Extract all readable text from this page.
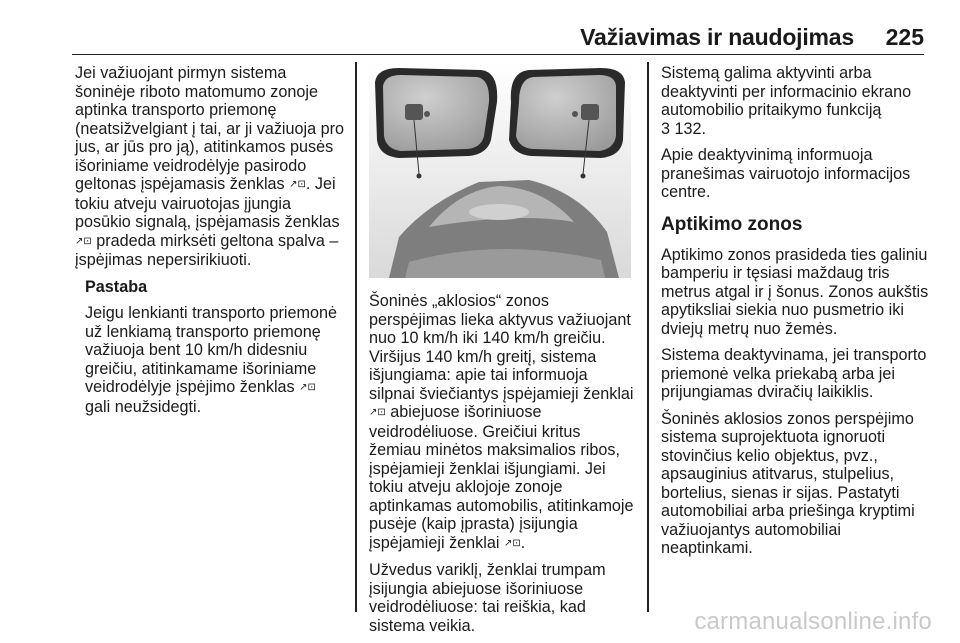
Važiavimas ir naudojimas 225

Jei važiuojant pirmyn sistema šoninėje riboto matomumo zonoje aptinka transporto priemonę (neatsižvelgiant į tai, ar ji važiuoja pro jus, ar jūs pro ją), atitinkamos pusės išoriniame veidrodėlyje pasirodo geltonas įspėjamasis ženklas ↗⊡. Jei tokiu atveju vairuotojas įjungia posūkio signalą, įspėjamasis ženklas ↗⊡ pradeda mirksėti geltona spalva – įspėjimas nepersirikiuoti.

Pastaba

Jeigu lenkianti transporto priemonė už lenkiamą transporto priemonę važiuoja bent 10 km/h didesniu greičiu, atitinkamame išoriniame veidrodėlyje įspėjimo ženklas ↗⊡ gali neužsidegti.

Šoninės „aklosios“ zonos perspėjimas lieka aktyvus važiuojant nuo 10 km/h iki 140 km/h greičiu. Viršijus 140 km/h greitį, sistema išjungiama: apie tai informuoja silpnai šviečiantys įspėjamieji ženklai ↗⊡ abiejuose išoriniuose veidrodėliuose. Greičiui kritus žemiau minėtos maksimalios ribos, įspėjamieji ženklai išjungiami. Jei tokiu atveju aklojoje zonoje aptinkamas automobilis, atitinkamoje pusėje (kaip įprasta) įsijungia įspėjamieji ženklai ↗⊡.

Užvedus variklį, ženklai trumpam įsijungia abiejuose išoriniuose veidrodėliuose: tai reiškia, kad sistema veikia.

Sistemą galima aktyvinti arba deaktyvinti per informacinio ekrano automobilio pritaikymo funkciją
3 132.

Apie deaktyvinimą informuoja pranešimas vairuotojo informacijos centre.

Aptikimo zonos

Aptikimo zonos prasideda ties galiniu bamperiu ir tęsiasi maždaug tris metrus atgal ir į šonus. Zonos aukštis apytiksliai siekia nuo pusmetrio iki dviejų metrų nuo žemės.

Sistema deaktyvinama, jei transporto priemonė velka priekabą arba jei prijungiamas dviračių laikiklis.

Šoninės aklosios zonos perspėjimo sistema suprojektuota ignoruoti stovinčius kelio objektus, pvz., apsauginius atitvarus, stulpelius, bortelius, sienas ir sijas. Pastatyti automobiliai arba priešinga kryptimi važiuojantys automobiliai neaptinkami.

carmanualsonline.info
